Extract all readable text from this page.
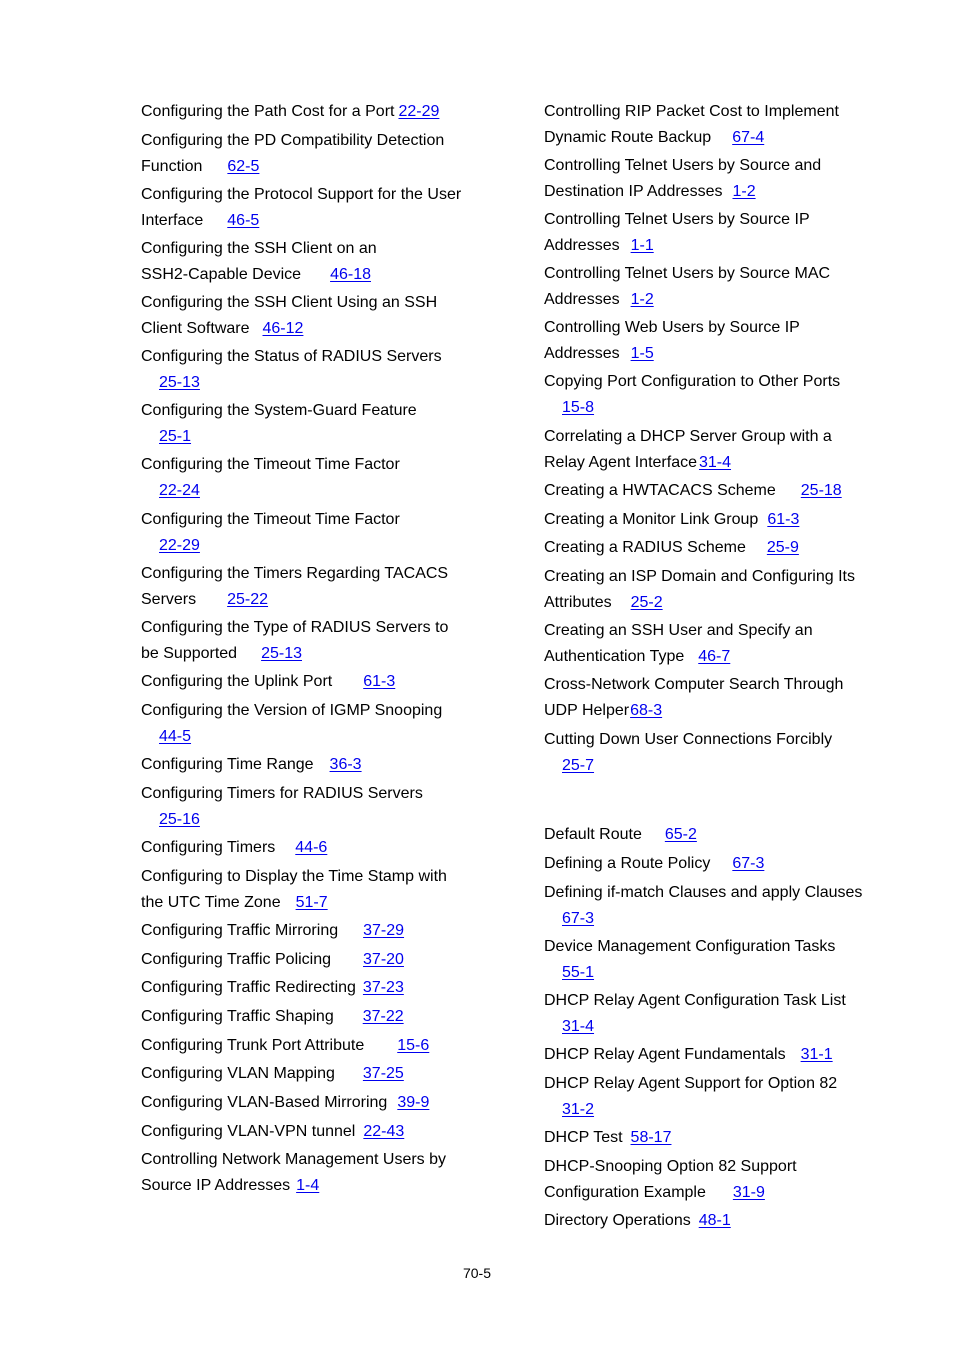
Configuring the Path Cost for a Port 22-29
Configuring the PD Compatibility Detection
Function 62-5
Configuring the Protocol Support for the User
Interface 46-5
Configuring the SSH Client on an
SSH2-Capable Device 46-18
Configuring the SSH Client Using an SSH
Client Software 46-12
Configuring the Status of RADIUS Servers
25-13
Configuring the System-Guard Feature
25-1
Configuring the Timeout Time Factor
22-24
Configuring the Timeout Time Factor
22-29
Configuring the Timers Regarding TACACS
Servers 25-22
Configuring the Type of RADIUS Servers to
be Supported 25-13
Configuring the Uplink Port 61-3
Configuring the Version of IGMP Snooping
44-5
Configuring Time Range 36-3
Configuring Timers for RADIUS Servers
25-16
Configuring Timers 44-6
Configuring to Display the Time Stamp with
the UTC Time Zone 51-7
Configuring Traffic Mirroring 37-29
Configuring Traffic Policing 37-20
Configuring Traffic Redirecting 37-23
Configuring Traffic Shaping 37-22
Configuring Trunk Port Attribute 15-6
Configuring VLAN Mapping 37-25
Configuring VLAN-Based Mirroring 39-9
Configuring VLAN-VPN tunnel 22-43
Controlling Network Management Users by
Source IP Addresses 1-4
Controlling RIP Packet Cost to Implement
Dynamic Route Backup 67-4
Controlling Telnet Users by Source and
Destination IP Addresses 1-2
Controlling Telnet Users by Source IP
Addresses 1-1
Controlling Telnet Users by Source MAC
Addresses 1-2
Controlling Web Users by Source IP
Addresses 1-5
Copying Port Configuration to Other Ports
15-8
Correlating a DHCP Server Group with a
Relay Agent Interface 31-4
Creating a HWTACACS Scheme 25-18
Creating a Monitor Link Group 61-3
Creating a RADIUS Scheme 25-9
Creating an ISP Domain and Configuring Its
Attributes 25-2
Creating an SSH User and Specify an
Authentication Type 46-7
Cross-Network Computer Search Through
UDP Helper68-3
Cutting Down User Connections Forcibly
25-7
Default Route 65-2
Defining a Route Policy 67-3
Defining if-match Clauses and apply Clauses
67-3
Device Management Configuration Tasks
55-1
DHCP Relay Agent Configuration Task List
31-4
DHCP Relay Agent Fundamentals 31-1
DHCP Relay Agent Support for Option 82
31-2
DHCP Test 58-17
DHCP-Snooping Option 82 Support
Configuration Example 31-9
Directory Operations 48-1
70-5
